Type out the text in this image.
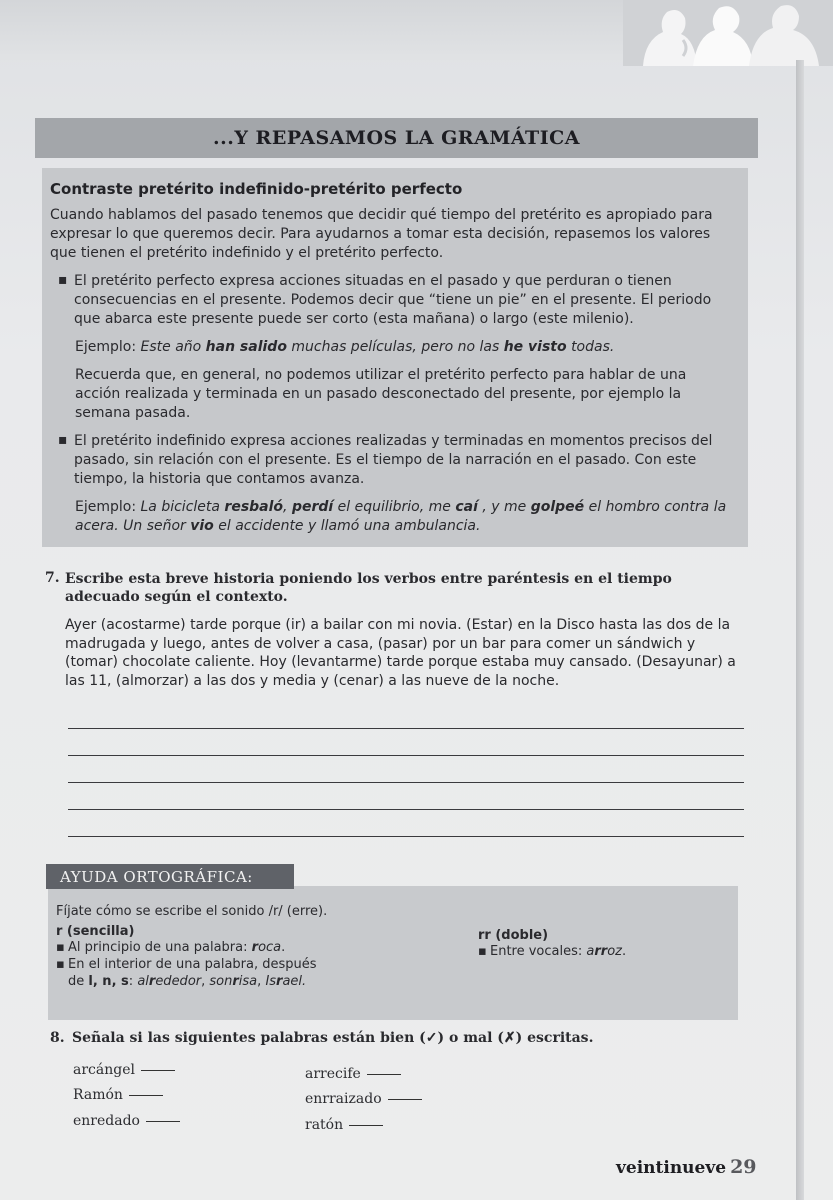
...Y REPASAMOS LA GRAMÁTICA
Contraste pretérito indefinido-pretérito perfecto

Cuando hablamos del pasado tenemos que decidir qué tiempo del pretérito es apropiado para expresar lo que queremos decir. Para ayudarnos a tomar esta decisión, repasemos los valores que tienen el pretérito indefinido y el pretérito perfecto.

▪ El pretérito perfecto expresa acciones situadas en el pasado y que perduran o tienen consecuencias en el presente. Podemos decir que “tiene un pie” en el presente. El periodo que abarca este presente puede ser corto (esta mañana) o largo (este milenio).

Ejemplo: Este año han salido muchas películas, pero no las he visto todas.

Recuerda que, en general, no podemos utilizar el pretérito perfecto para hablar de una acción realizada y terminada en un pasado desconectado del presente, por ejemplo la semana pasada.

▪ El pretérito indefinido expresa acciones realizadas y terminadas en momentos precisos del pasado, sin relación con el presente. Es el tiempo de la narración en el pasado. Con este tiempo, la historia que contamos avanza.

Ejemplo: La bicicleta resbaló, perdí el equilibrio, me caí , y me golpeé el hombro contra la acera. Un señor vio el accidente y llamó una ambulancia.

7. Escribe esta breve historia poniendo los verbos entre paréntesis en el tiempo adecuado según el contexto.

Ayer (acostarme) tarde porque (ir) a bailar con mi novia. (Estar) en la Disco hasta las dos de la madrugada y luego, antes de volver a casa, (pasar) por un bar para comer un sándwich y (tomar) chocolate caliente. Hoy (levantarme) tarde porque estaba muy cansado. (Desayunar) a las 11, (almorzar) a las dos y media y (cenar) a las nueve de la noche.

Fíjate cómo se escribe el sonido /r/ (erre).

r (sencilla)
▪ Al principio de una palabra: roca.
▪ En el interior de una palabra, después
de l, n, s: alrededor, sonrisa, Israel.
rr (doble)
▪ Entre vocales: arroz.
AYUDA ORTOGRÁFICA:
8. Señala si las siguientes palabras están bien (✓) o mal (✗) escritas.
arcángel
Ramón
enredado
arrecife
enrraizado
ratón
veintinueve 29
